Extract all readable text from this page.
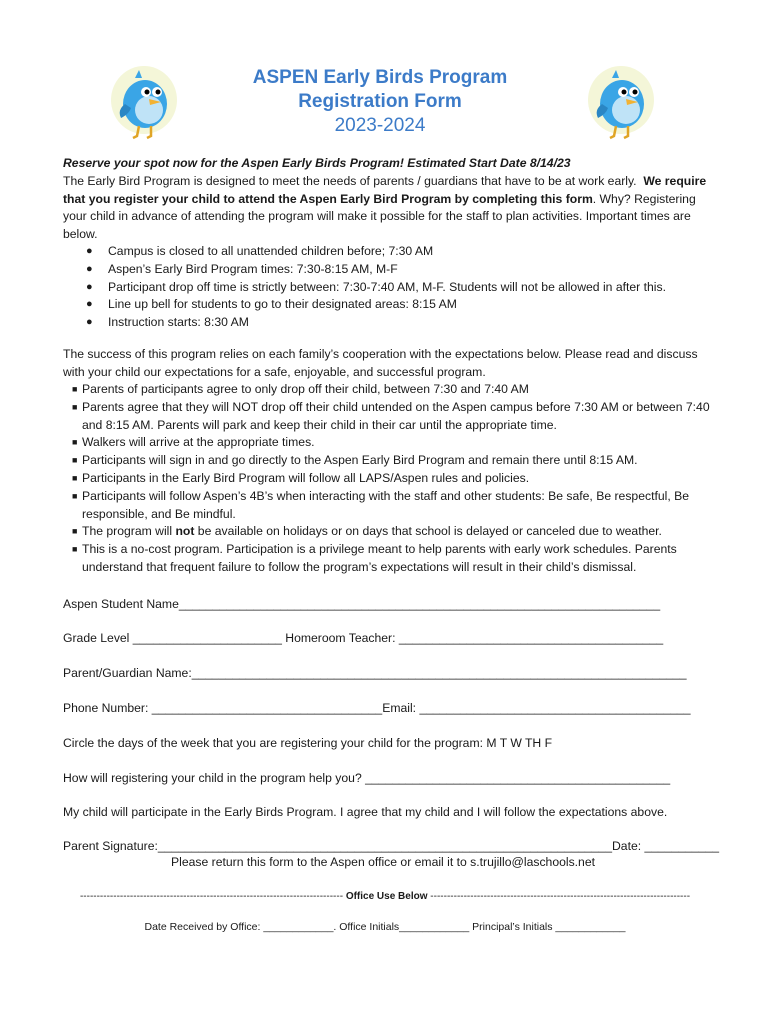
ASPEN Early Birds Program
Registration Form
2023-2024
Reserve your spot now for the Aspen Early Birds Program! Estimated Start Date 8/14/23
The Early Bird Program is designed to meet the needs of parents / guardians that have to be at work early. We require that you register your child to attend the Aspen Early Bird Program by completing this form. Why? Registering your child in advance of attending the program will make it possible for the staff to plan activities. Important times are below.
● Campus is closed to all unattended children before; 7:30 AM
● Aspen’s Early Bird Program times: 7:30-8:15 AM, M-F
● Participant drop off time is strictly between: 7:30-7:40 AM, M-F. Students will not be allowed in after this.
● Line up bell for students to go to their designated areas: 8:15 AM
● Instruction starts: 8:30 AM
The success of this program relies on each family’s cooperation with the expectations below. Please read and discuss with your child our expectations for a safe, enjoyable, and successful program.
■ Parents of participants agree to only drop off their child, between 7:30 and 7:40 AM
■ Parents agree that they will NOT drop off their child untended on the Aspen campus before 7:30 AM or between 7:40 and 8:15 AM. Parents will park and keep their child in their car until the appropriate time.
■ Walkers will arrive at the appropriate times.
■ Participants will sign in and go directly to the Aspen Early Bird Program and remain there until 8:15 AM.
■ Participants in the Early Bird Program will follow all LAPS/Aspen rules and policies.
■ Participants will follow Aspen’s 4B’s when interacting with the staff and other students: Be safe, Be respectful, Be responsible, and Be mindful.
■ The program will not be available on holidays or on days that school is delayed or canceled due to weather.
■ This is a no-cost program. Participation is a privilege meant to help parents with early work schedules. Parents understand that frequent failure to follow the program’s expectations will result in their child’s dismissal.
Aspen Student Name_______________________________________________________________________
Grade Level ______________________ Homeroom Teacher: _______________________________________
Parent/Guardian Name:_________________________________________________________________________
Phone Number: __________________________________Email: ________________________________________
Circle the days of the week that you are registering your child for the program: M T W TH F
How will registering your child in the program help you? _____________________________________________
My child will participate in the Early Birds Program. I agree that my child and I will follow the expectations above.
Parent Signature:___________________________________________________________________Date: ___________
Please return this form to the Aspen office or email it to s.trujillo@laschools.net
------------------------------------------------------------------------------- Office Use Below ------------------------------------------------------------------------------
Date Received by Office: ____________. Office Initials____________ Principal’s Initials ____________
